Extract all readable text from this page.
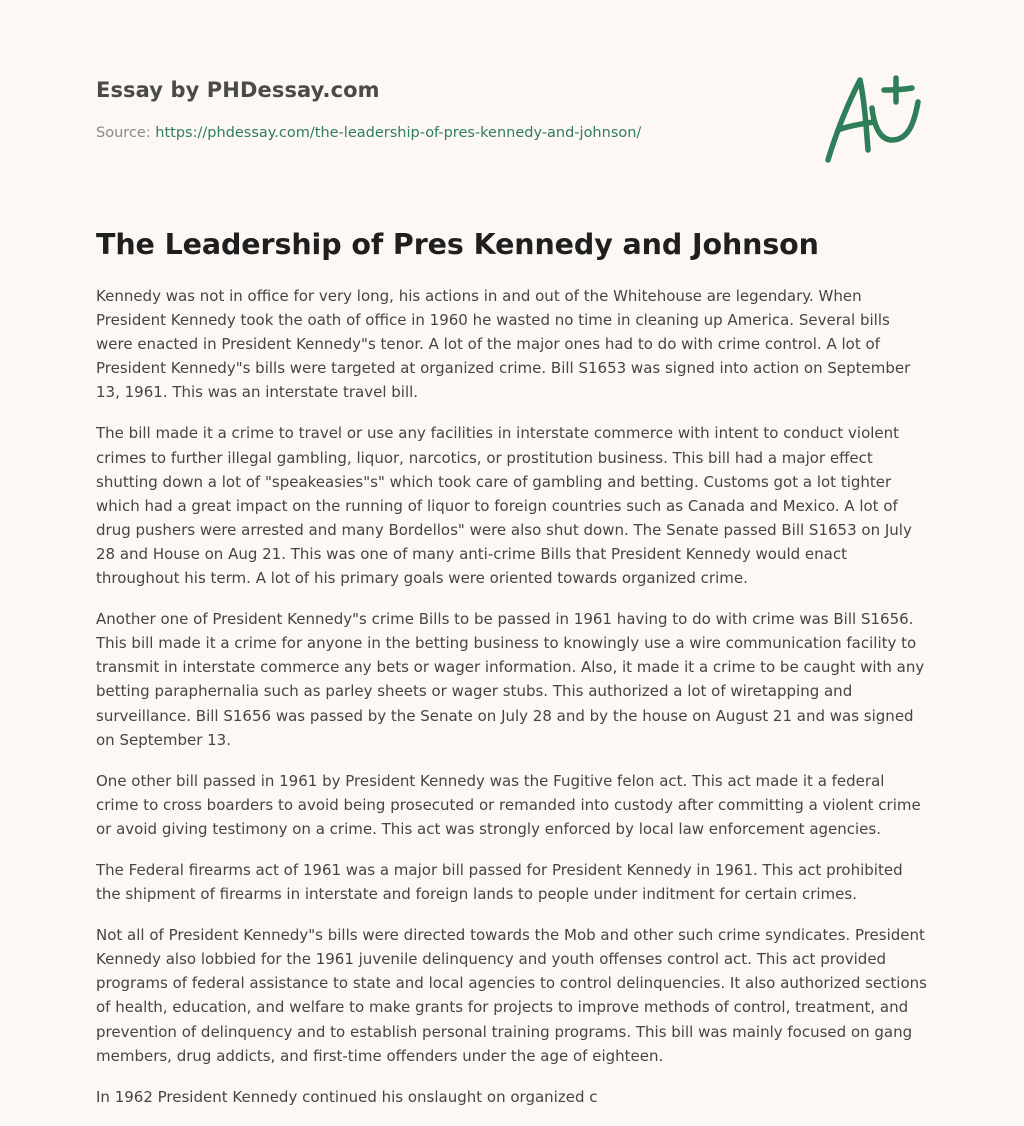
Essay by PHDessay.com
Source: https://phdessay.com/the-leadership-of-pres-kennedy-and-johnson/
The Leadership of Pres Kennedy and Johnson

Kennedy was not in office for very long, his actions in and out of the Whitehouse are legendary. When President Kennedy took the oath of office in 1960 he wasted no time in cleaning up America. Several bills were enacted in President Kennedy"s tenor. A lot of the major ones had to do with crime control. A lot of President Kennedy"s bills were targeted at organized crime. Bill S1653 was signed into action on September 13, 1961. This was an interstate travel bill.

The bill made it a crime to travel or use any facilities in interstate commerce with intent to conduct violent crimes to further illegal gambling, liquor, narcotics, or prostitution business. This bill had a major effect shutting down a lot of "speakeasies"s" which took care of gambling and betting. Customs got a lot tighter which had a great impact on the running of liquor to foreign countries such as Canada and Mexico. A lot of drug pushers were arrested and many Bordellos" were also shut down. The Senate passed Bill S1653 on July 28 and House on Aug 21. This was one of many anti-crime Bills that President Kennedy would enact throughout his term. A lot of his primary goals were oriented towards organized crime.

Another one of President Kennedy"s crime Bills to be passed in 1961 having to do with crime was Bill S1656. This bill made it a crime for anyone in the betting business to knowingly use a wire communication facility to transmit in interstate commerce any bets or wager information. Also, it made it a crime to be caught with any betting paraphernalia such as parley sheets or wager stubs. This authorized a lot of wiretapping and surveillance. Bill S1656 was passed by the Senate on July 28 and by the house on August 21 and was signed on September 13.

One other bill passed in 1961 by President Kennedy was the Fugitive felon act. This act made it a federal crime to cross boarders to avoid being prosecuted or remanded into custody after committing a violent crime or avoid giving testimony on a crime. This act was strongly enforced by local law enforcement agencies.

The Federal firearms act of 1961 was a major bill passed for President Kennedy in 1961. This act prohibited the shipment of firearms in interstate and foreign lands to people under inditment for certain crimes.

Not all of President Kennedy"s bills were directed towards the Mob and other such crime syndicates. President Kennedy also lobbied for the 1961 juvenile delinquency and youth offenses control act. This act provided programs of federal assistance to state and local agencies to control delinquencies. It also authorized sections of health, education, and welfare to make grants for projects to improve methods of control, treatment, and prevention of delinquency and to establish personal training programs. This bill was mainly focused on gang members, drug addicts, and first-time offenders under the age of eighteen.

In 1962 President Kennedy continued his onslaught on organized c
